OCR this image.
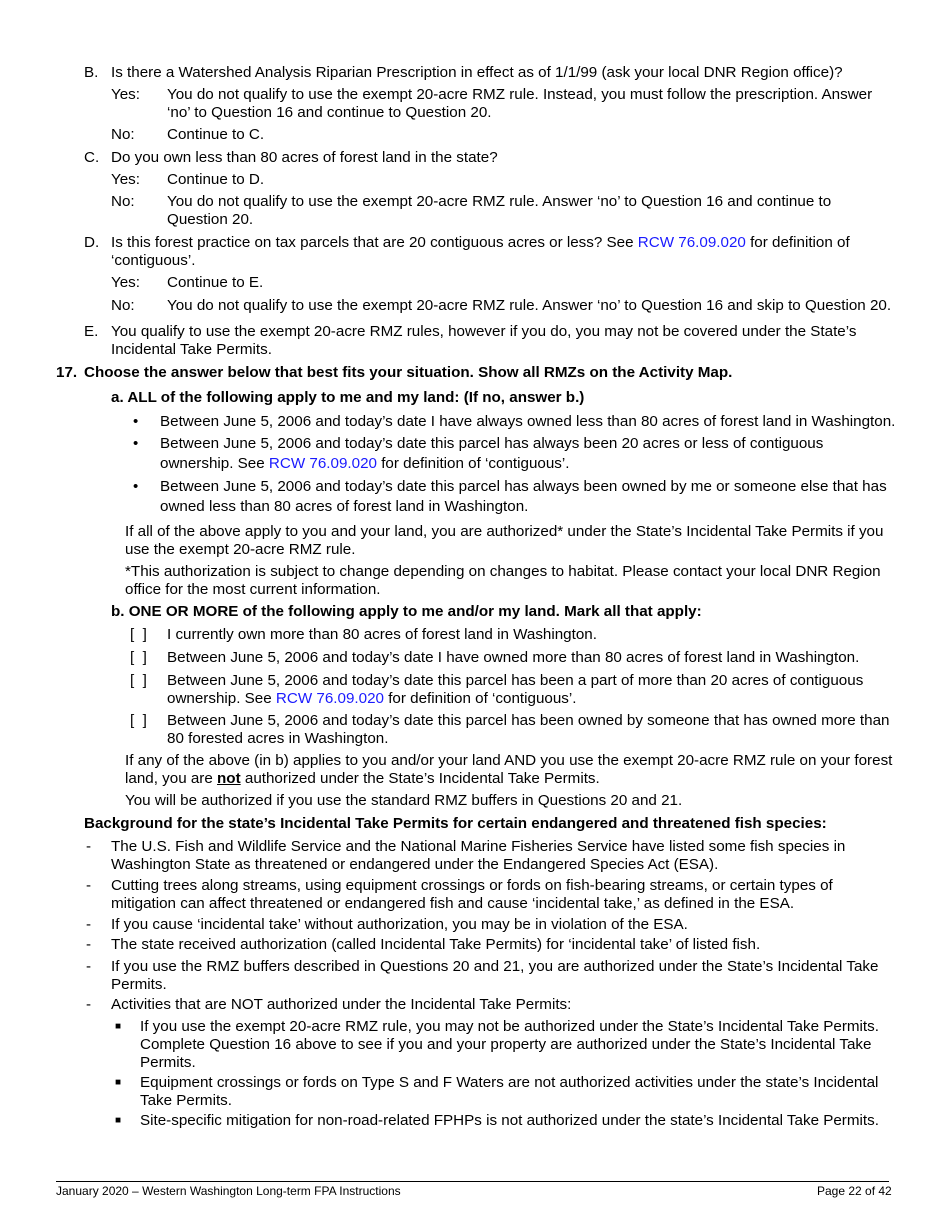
B. Is there a Watershed Analysis Riparian Prescription in effect as of 1/1/99 (ask your local DNR Region office)?
Yes: You do not qualify to use the exempt 20-acre RMZ rule. Instead, you must follow the prescription. Answer
‘no’ to Question 16 and continue to Question 20.
No: Continue to C.
C. Do you own less than 80 acres of forest land in the state?
Yes: Continue to D.
No: You do not qualify to use the exempt 20-acre RMZ rule. Answer ‘no’ to Question 16 and continue to
Question 20.
D. Is this forest practice on tax parcels that are 20 contiguous acres or less? See RCW 76.09.020 for definition of
‘contiguous’.
Yes: Continue to E.
No: You do not qualify to use the exempt 20-acre RMZ rule. Answer ‘no’ to Question 16 and skip to Question 20.
E. You qualify to use the exempt 20-acre RMZ rules, however if you do, you may not be covered under the State’s
Incidental Take Permits.
17. Choose the answer below that best fits your situation. Show all RMZs on the Activity Map.
a. ALL of the following apply to me and my land: (If no, answer b.)
• Between June 5, 2006 and today’s date I have always owned less than 80 acres of forest land in Washington.
• Between June 5, 2006 and today’s date this parcel has always been 20 acres or less of contiguous
ownership. See RCW 76.09.020 for definition of ‘contiguous’.
• Between June 5, 2006 and today’s date this parcel has always been owned by me or someone else that has
owned less than 80 acres of forest land in Washington.
If all of the above apply to you and your land, you are authorized* under the State’s Incidental Take Permits if you
use the exempt 20-acre RMZ rule.
*This authorization is subject to change depending on changes to habitat. Please contact your local DNR Region
office for the most current information.
b. ONE OR MORE of the following apply to me and/or my land. Mark all that apply:
[  ] I currently own more than 80 acres of forest land in Washington.
[  ] Between June 5, 2006 and today’s date I have owned more than 80 acres of forest land in Washington.
[  ] Between June 5, 2006 and today’s date this parcel has been a part of more than 20 acres of contiguous
ownership. See RCW 76.09.020 for definition of ‘contiguous’.
[  ] Between June 5, 2006 and today’s date this parcel has been owned by someone that has owned more than
80 forested acres in Washington.
If any of the above (in b) applies to you and/or your land AND you use the exempt 20-acre RMZ rule on your forest
land, you are not authorized under the State’s Incidental Take Permits.
You will be authorized if you use the standard RMZ buffers in Questions 20 and 21.
Background for the state’s Incidental Take Permits for certain endangered and threatened fish species:
- The U.S. Fish and Wildlife Service and the National Marine Fisheries Service have listed some fish species in
Washington State as threatened or endangered under the Endangered Species Act (ESA).
- Cutting trees along streams, using equipment crossings or fords on fish-bearing streams, or certain types of
mitigation can affect threatened or endangered fish and cause ‘incidental take,’ as defined in the ESA.
- If you cause ‘incidental take’ without authorization, you may be in violation of the ESA.
- The state received authorization (called Incidental Take Permits) for ‘incidental take’ of listed fish.
- If you use the RMZ buffers described in Questions 20 and 21, you are authorized under the State’s Incidental Take
Permits.
- Activities that are NOT authorized under the Incidental Take Permits:
■ If you use the exempt 20-acre RMZ rule, you may not be authorized under the State’s Incidental Take Permits.
Complete Question 16 above to see if you and your property are authorized under the State’s Incidental Take
Permits.
■ Equipment crossings or fords on Type S and F Waters are not authorized activities under the state’s Incidental
Take Permits.
■ Site-specific mitigation for non-road-related FPHPs is not authorized under the state’s Incidental Take Permits.
January 2020 – Western Washington Long-term FPA Instructions	Page 22 of 42
